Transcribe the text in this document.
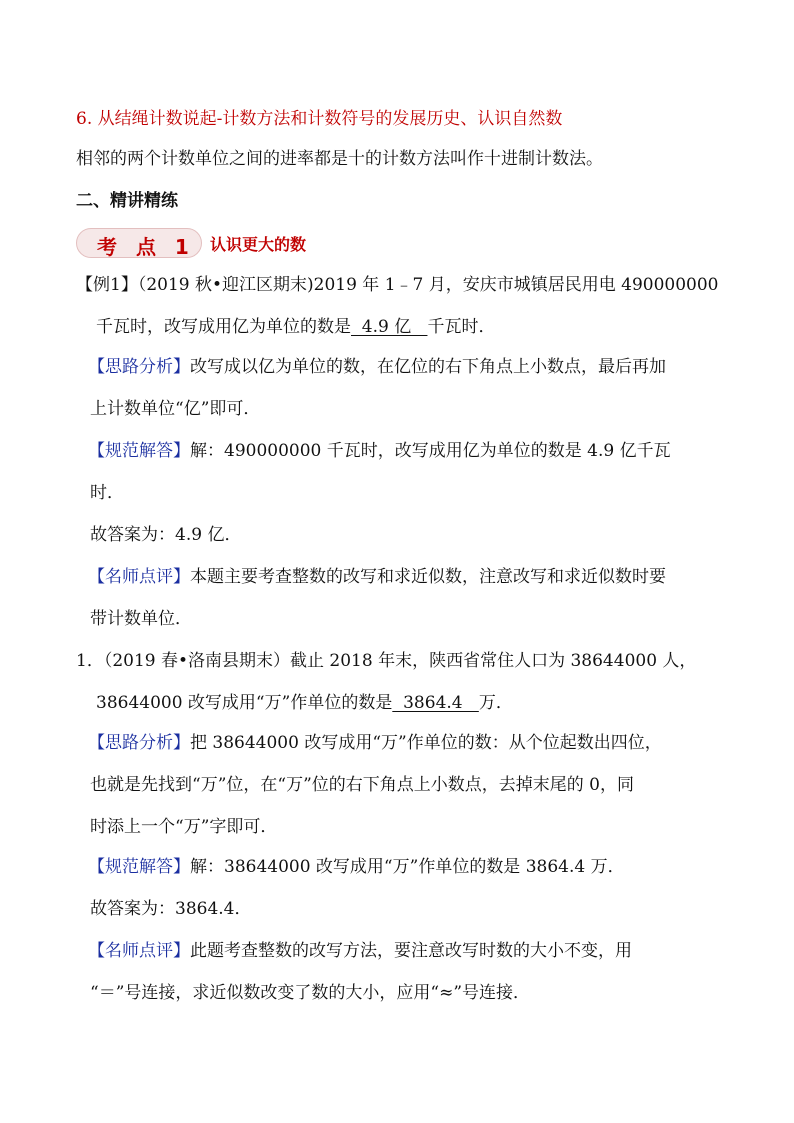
6. 从结绳计数说起-计数方法和计数符号的发展历史、认识自然数
相邻的两个计数单位之间的进率都是十的计数方法叫作十进制计数法。
二、精讲精练
考 点 1 认识更大的数
【例1】（2019 秋•迎江区期末)2019 年 1﹣7 月，安庆市城镇居民用电 490000000
千瓦时，改写成用亿为单位的数是  4.9 亿   千瓦时．
【思路分析】改写成以亿为单位的数，在亿位的右下角点上小数点，最后再加
上计数单位“亿”即可．
【规范解答】解：490000000 千瓦时，改写成用亿为单位的数是 4.9 亿千瓦
时．
故答案为：4.9 亿．
【名师点评】本题主要考查整数的改写和求近似数，注意改写和求近似数时要
带计数单位．
1．（2019 春•洛南县期末）截止 2018 年末，陕西省常住人口为 38644000 人，
38644000 改写成用“万”作单位的数是  3864.4   万．
【思路分析】把 38644000 改写成用“万”作单位的数：从个位起数出四位，
也就是先找到“万”位，在“万”位的右下角点上小数点，去掉末尾的 0，同
时添上一个“万”字即可．
【规范解答】解：38644000 改写成用“万”作单位的数是 3864.4 万．
故答案为：3864.4．
【名师点评】此题考查整数的改写方法，要注意改写时数的大小不变，用
“＝”号连接，求近似数改变了数的大小，应用“≈”号连接．
